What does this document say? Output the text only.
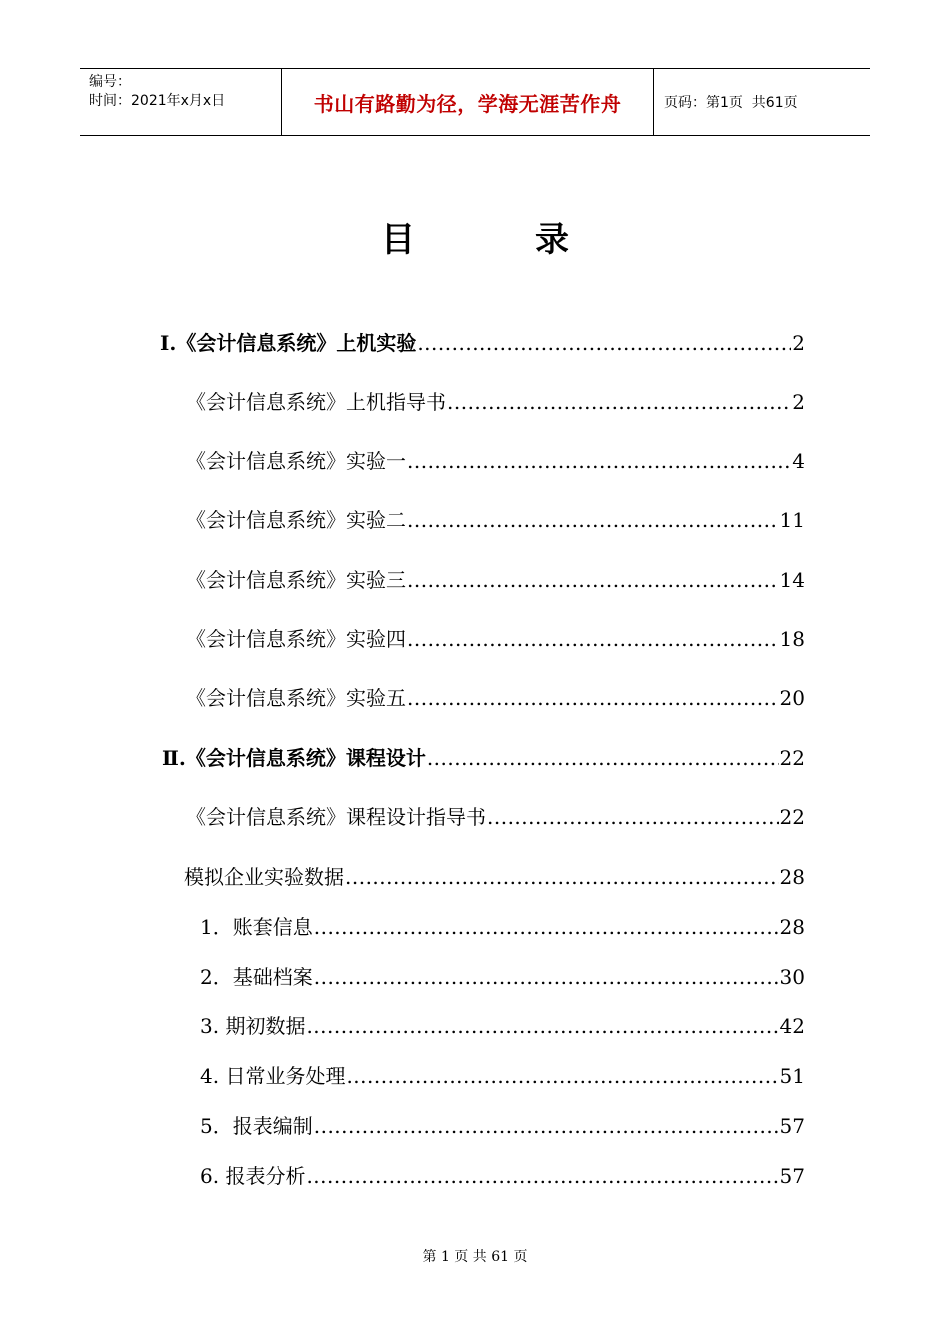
编号：
时间：2021年x月x日	书山有路勤为径，学海无涯苦作舟	页码：第1页  共61页
目	录
I.《会计信息系统》上机实验 .....	2
《会计信息系统》上机指导书 .....	2
《会计信息系统》实验一 .....	4
《会计信息系统》实验二 .....	11
《会计信息系统》实验三 .....	14
《会计信息系统》实验四 .....	18
《会计信息系统》实验五 .....	20
Ⅱ.《会计信息系统》课程设计 .....	22
《会计信息系统》课程设计指导书 .....	22
模拟企业实验数据 .....	28
1．账套信息 .....	28
2．基础档案 .....	30
3. 期初数据 .....	42
4. 日常业务处理 .....	51
5．报表编制 .....	57
6. 报表分析 .....	57
第 1 页 共 61 页
